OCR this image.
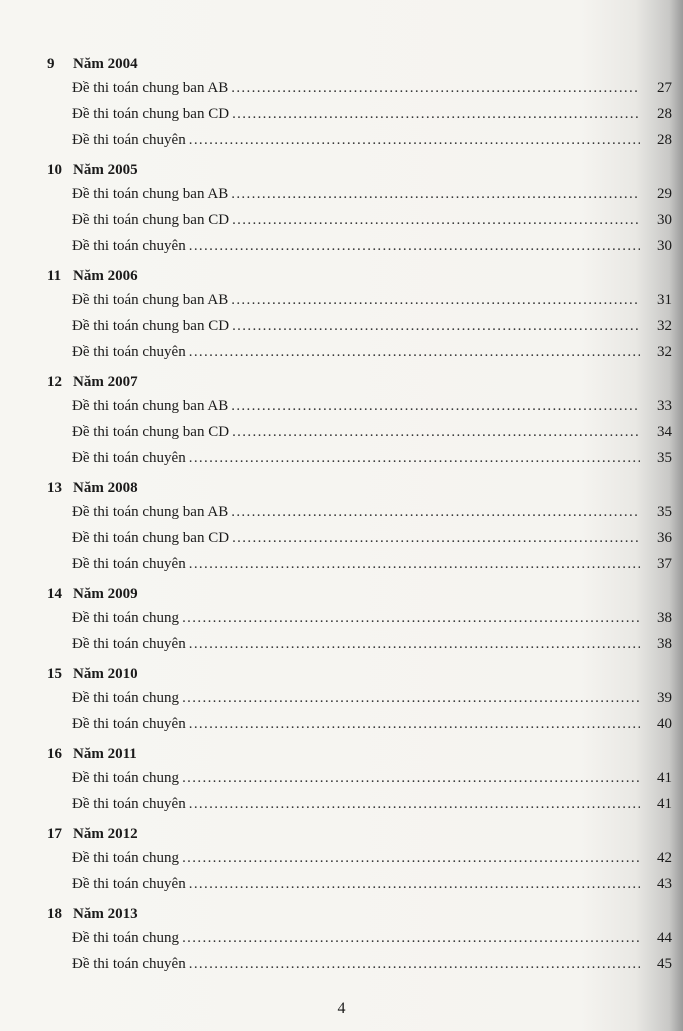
9	Năm 2004
Đề thi toán chung ban AB . . .	27
Đề thi toán chung ban CD . . .	28
Đề thi toán chuyên . . .	28
10 Năm 2005
Đề thi toán chung ban AB . . .	29
Đề thi toán chung ban CD . . .	30
Đề thi toán chuyên . . .	30
11 Năm 2006
Đề thi toán chung ban AB . . .	31
Đề thi toán chung ban CD . . .	32
Đề thi toán chuyên . . .	32
12 Năm 2007
Đề thi toán chung ban AB . . .	33
Đề thi toán chung ban CD . . .	34
Đề thi toán chuyên . . .	35
13 Năm 2008
Đề thi toán chung ban AB . . .	35
Đề thi toán chung ban CD . . .	36
Đề thi toán chuyên . . .	37
14 Năm 2009
Đề thi toán chung . . .	38
Đề thi toán chuyên . . .	38
15 Năm 2010
Đề thi toán chung . . .	39
Đề thi toán chuyên . . .	40
16 Năm 2011
Đề thi toán chung . . .	41
Đề thi toán chuyên . . .	41
17 Năm 2012
Đề thi toán chung . . .	42
Đề thi toán chuyên . . .	43
18 Năm 2013
Đề thi toán chung . . .	44
Đề thi toán chuyên . . .	45
4
